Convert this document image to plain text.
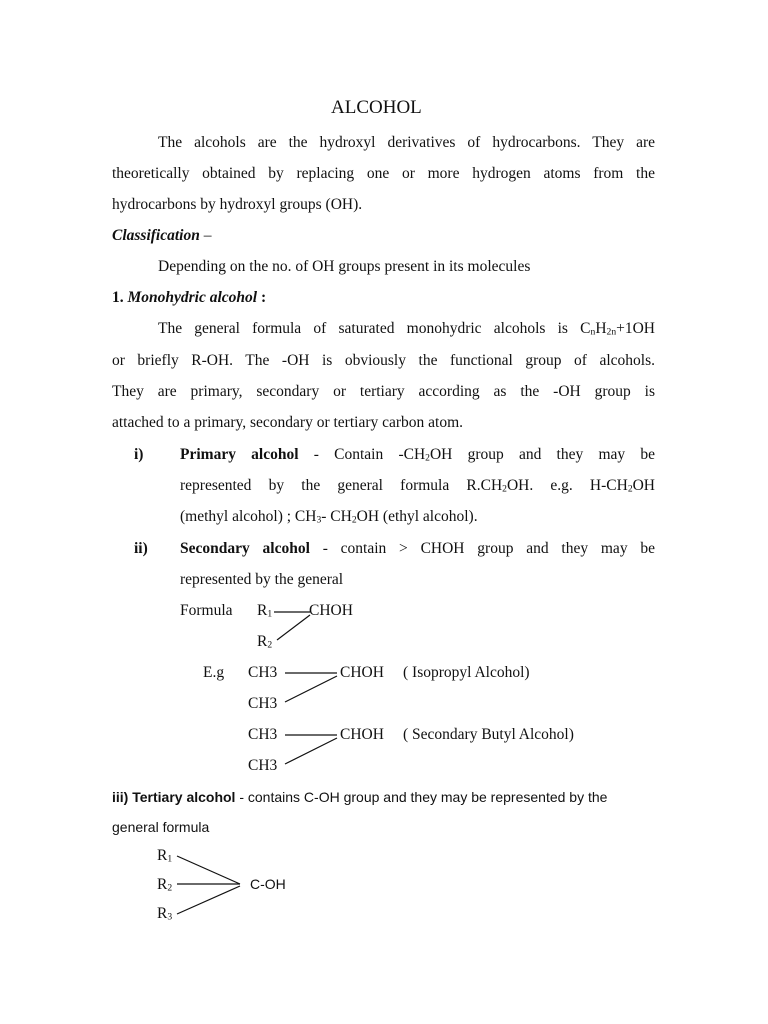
ALCOHOL
The alcohols are the hydroxyl derivatives of hydrocarbons. They are
theoretically obtained by replacing one or more hydrogen atoms from the
hydrocarbons by hydroxyl groups (OH).
Classification –
Depending on the no. of OH groups present in its molecules
1. Monohydric alcohol :
The general formula of saturated monohydric alcohols is $C_nH_{2n}+1OH$
or briefly R-OH. The -OH is obviously the functional group of alcohols.
They are primary, secondary or tertiary according as the -OH group is
attached to a primary, secondary or tertiary carbon atom.
i) Primary alcohol - Contain $-CH_2OH$ group and they may be
represented by the general formula $R.CH_2OH$. e.g. $H-CH_2OH$
(methyl alcohol) ; $CH_3-$ $CH_2OH$ (ethyl alcohol).
ii) Secondary alcohol - contain > CHOH group and they may be
represented by the general
Formula $R_1$ CHOH
$R_2$
E.g CH3	CHOH ( Isopropyl Alcohol)
CH3
CH3	CHOH ( Secondary Butyl Alcohol)
CH3
iii) Tertiary alcohol - contains C-OH group and they may be represented by the
general formula
$R_1$
$R_2$
$R_3$
C-OH
